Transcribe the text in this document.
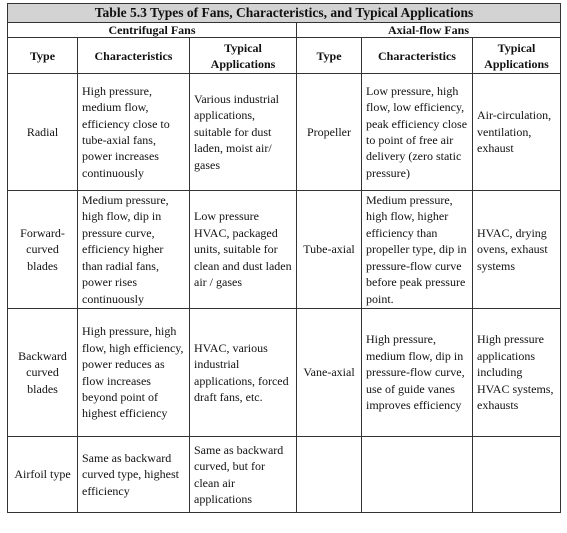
Table 5.3 Types of Fans, Characteristics, and Typical Applications					
Centrifugal Fans			Axial-flow Fans		
Type	Characteristics	Typical Applications	Type	Characteristics	Typical Applications
Radial	High pressure, medium flow, efficiency close to tube-axial fans, power increases continuously	Various industrial applications, suitable for dust laden, moist air/ gases	Propeller	Low pressure, high flow, low efficiency, peak efficiency close to point of free air delivery (zero static pressure)	Air-circulation, ventilation, exhaust
Forward-curved blades	Medium pressure, high flow, dip in pressure curve, efficiency higher than radial fans, power rises continuously	Low pressure HVAC, packaged units, suitable for clean and dust laden air / gases	Tube-axial	Medium pressure, high flow, higher efficiency than propeller type, dip in pressure-flow curve before peak pressure point.	HVAC, drying ovens, exhaust systems
Backward curved blades	High pressure, high flow, high efficiency, power reduces as flow increases beyond point of highest efficiency	HVAC, various industrial applications, forced draft fans, etc.	Vane-axial	High pressure, medium flow, dip in pressure-flow curve, use of guide vanes improves efficiency	High pressure applications including HVAC systems, exhausts
Airfoil type	Same as backward curved type, highest efficiency	Same as backward curved, but for clean air applications			
